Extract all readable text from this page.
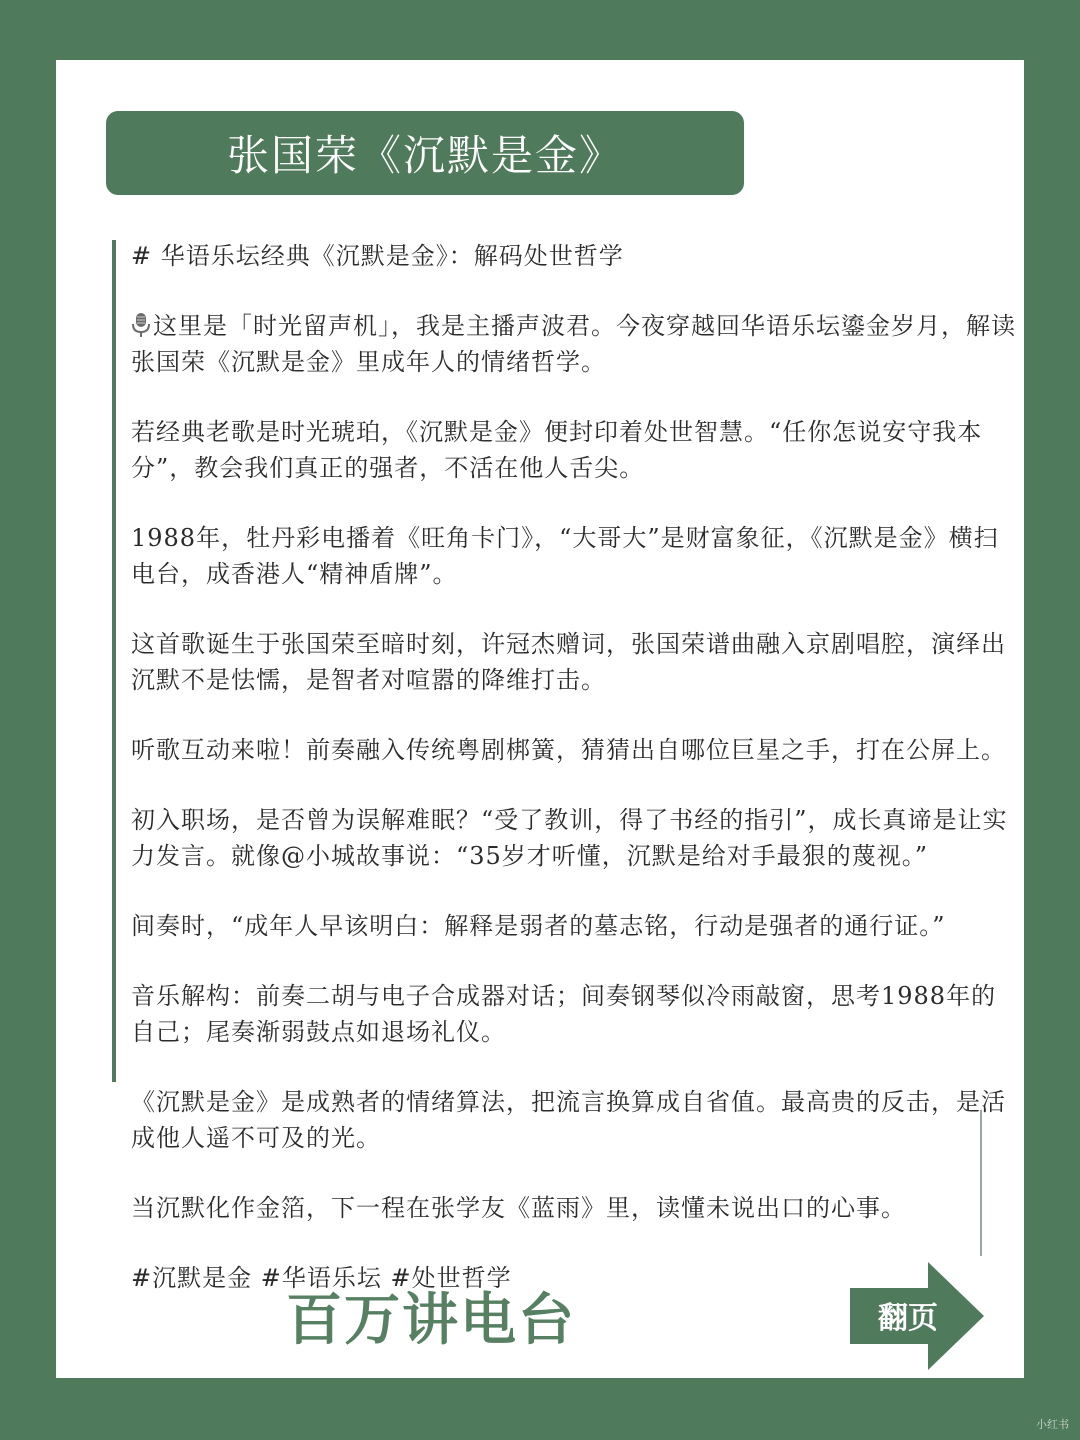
张国荣《沉默是金》

# 华语乐坛经典《沉默是金》：解码处世哲学

这里是「时光留声机」，我是主播声波君。今夜穿越回华语乐坛鎏金岁月，解读张国荣《沉默是金》里成年人的情绪哲学。

若经典老歌是时光琥珀，《沉默是金》便封印着处世智慧。“任你怎说安守我本分”，教会我们真正的强者，不活在他人舌尖。

1988年，牡丹彩电播着《旺角卡门》，“大哥大”是财富象征，《沉默是金》横扫电台，成香港人“精神盾牌”。

这首歌诞生于张国荣至暗时刻，许冠杰赠词，张国荣谱曲融入京剧唱腔，演绎出沉默不是怯懦，是智者对喧嚣的降维打击。

听歌互动来啦！前奏融入传统粤剧梆簧，猜猜出自哪位巨星之手，打在公屏上。

初入职场，是否曾为误解难眠？“受了教训，得了书经的指引”，成长真谛是让实力发言。就像@小城故事说：“35岁才听懂，沉默是给对手最狠的蔑视。”

间奏时，“成年人早该明白：解释是弱者的墓志铭，行动是强者的通行证。”

音乐解构：前奏二胡与电子合成器对话；间奏钢琴似冷雨敲窗，思考1988年的自己；尾奏渐弱鼓点如退场礼仪。

《沉默是金》是成熟者的情绪算法，把流言换算成自省值。最高贵的反击，是活成他人遥不可及的光。

当沉默化作金箔，下一程在张学友《蓝雨》里，读懂未说出口的心事。

#沉默是金 #华语乐坛 #处世哲学

百万讲电台	翻页
小红书
